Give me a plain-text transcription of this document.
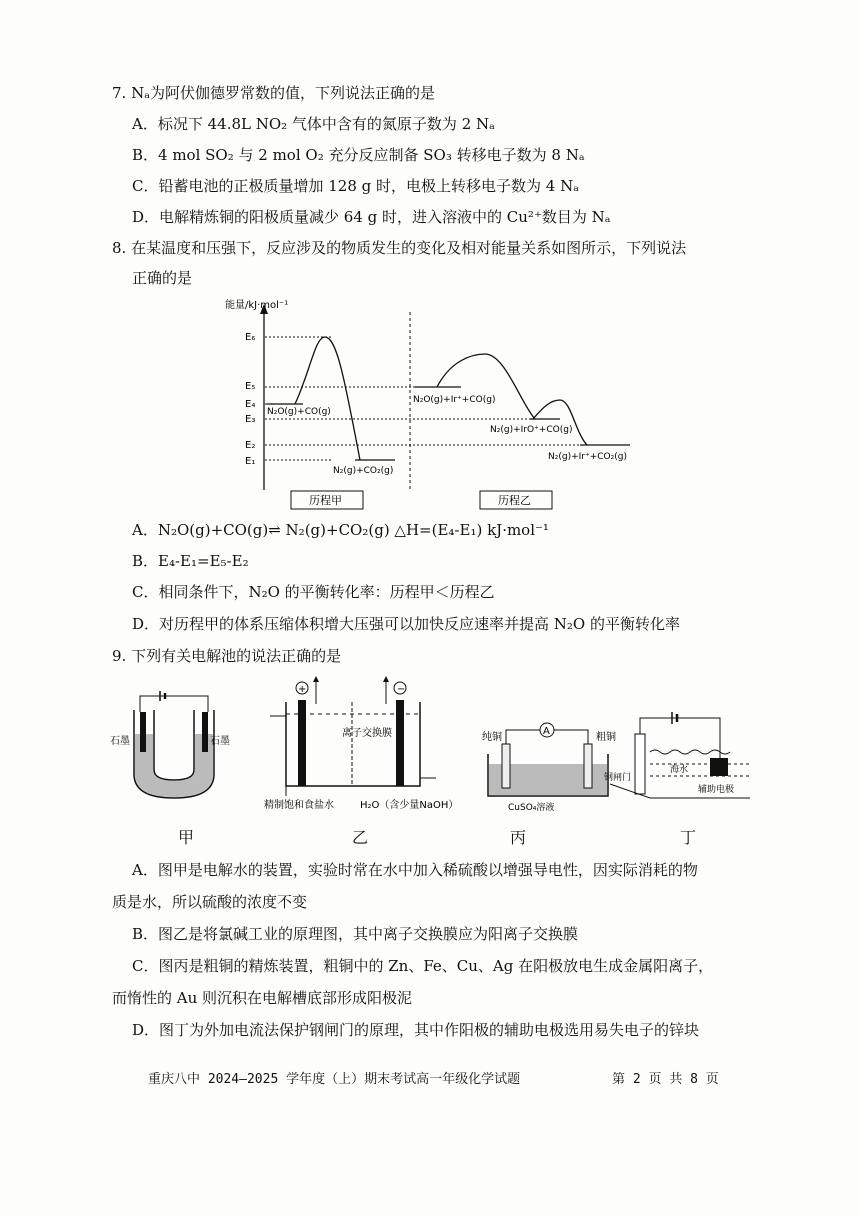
7. Nₐ为阿伏伽德罗常数的值，下列说法正确的是
A．标况下 44.8L NO₂ 气体中含有的氮原子数为 2 Nₐ
B．4 mol SO₂ 与 2 mol O₂ 充分反应制备 SO₃ 转移电子数为 8 Nₐ
C．铅蓄电池的正极质量增加 128 g 时，电极上转移电子数为 4 Nₐ
D．电解精炼铜的阳极质量减少 64 g 时，进入溶液中的 Cu²⁺数目为 Nₐ
8. 在某温度和压强下，反应涉及的物质发生的变化及相对能量关系如图所示，下列说法
正确的是
能量/kJ·mol⁻¹
E₆
E₅
E₄
E₃
E₂
E₁
N₂O(g)+CO(g)
N₂(g)+CO₂(g)
N₂O(g)+Ir⁺+CO(g)
N₂(g)+IrO⁺+CO(g)
N₂(g)+Ir⁺+CO₂(g)
历程甲	历程乙
A．N₂O(g)+CO(g)⇌ N₂(g)+CO₂(g) △H=(E₄-E₁) kJ·mol⁻¹
B．E₄-E₁=E₅-E₂
C．相同条件下，N₂O 的平衡转化率：历程甲＜历程乙
D．对历程甲的体系压缩体积增大压强可以加快反应速率并提高 N₂O 的平衡转化率
9. 下列有关电解池的说法正确的是
石墨	石墨
+	−
离子交换膜
精制饱和食盐水	H₂O（含少量NaOH）
A
纯铜	粗铜
CuSO₄溶液
钢闸门
海水
辅助电极
甲	乙	丙	丁
A．图甲是电解水的装置，实验时常在水中加入稀硫酸以增强导电性，因实际消耗的物
质是水，所以硫酸的浓度不变
B．图乙是将氯碱工业的原理图，其中离子交换膜应为阳离子交换膜
C．图丙是粗铜的精炼装置，粗铜中的 Zn、Fe、Cu、Ag 在阳极放电生成金属阳离子，
而惰性的 Au 则沉积在电解槽底部形成阳极泥
D．图丁为外加电流法保护钢闸门的原理，其中作阳极的辅助电极选用易失电子的锌块
重庆八中 2024—2025 学年度（上）期末考试高一年级化学试题	第 2 页 共 8 页
